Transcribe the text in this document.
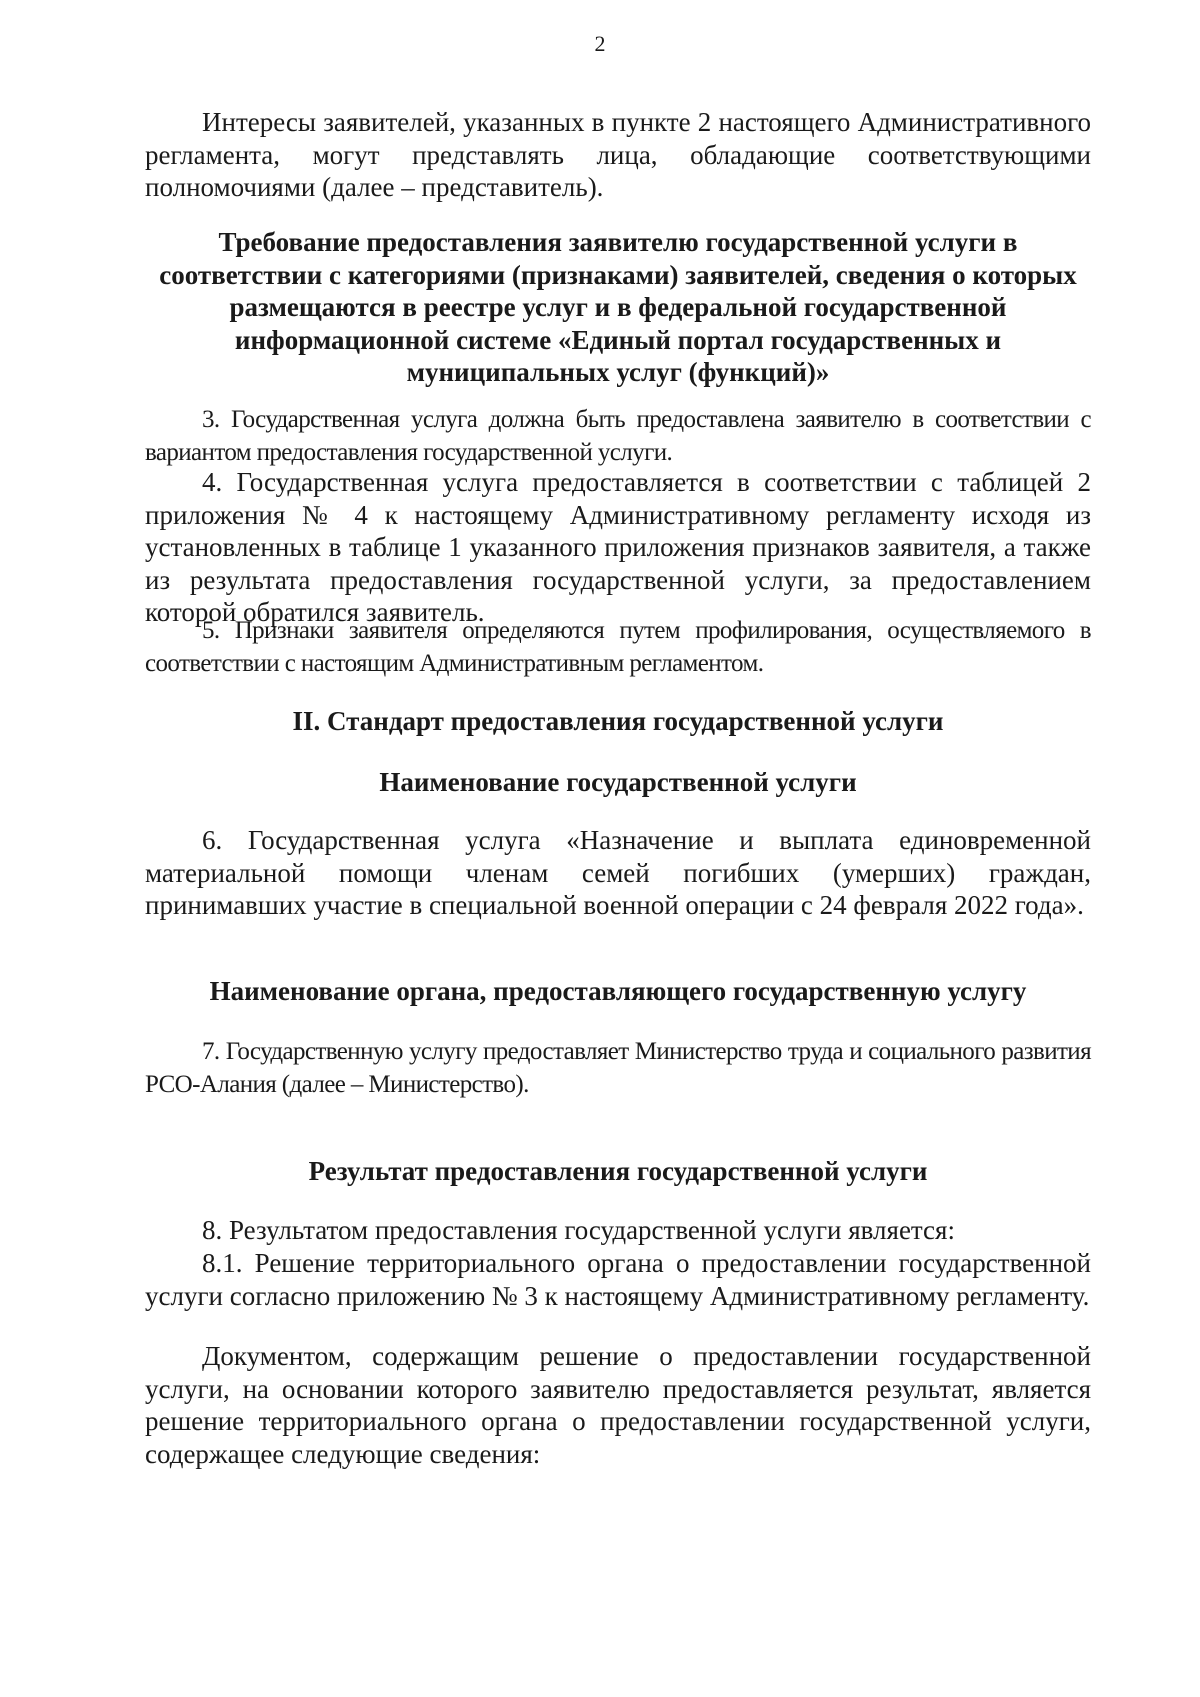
2

Интересы заявителей, указанных в пункте 2 настоящего Административного регламента, могут представлять лица, обладающие соответствующими полномочиями (далее – представитель).

Требование предоставления заявителю государственной услуги в соответствии с категориями (признаками) заявителей, сведения о которых размещаются в реестре услуг и в федеральной государственной информационной системе «Единый портал государственных и муниципальных услуг (функций)»

3. Государственная услуга должна быть предоставлена заявителю в соответствии с вариантом предоставления государственной услуги.

4. Государственная услуга предоставляется в соответствии с таблицей 2 приложения № 4 к настоящему Административному регламенту исходя из установленных в таблице 1 указанного приложения признаков заявителя, а также из результата предоставления государственной услуги, за предоставлением которой обратился заявитель.

5. Признаки заявителя определяются путем профилирования, осуществляемого в соответствии с настоящим Административным регламентом.

II. Стандарт предоставления государственной услуги

Наименование государственной услуги

6. Государственная услуга «Назначение и выплата единовременной материальной помощи членам семей погибших (умерших) граждан, принимавших участие в специальной военной операции с 24 февраля 2022 года».

Наименование органа, предоставляющего государственную услугу

7. Государственную услугу предоставляет Министерство труда и социального развития РСО-Алания (далее – Министерство).

Результат предоставления государственной услуги

8. Результатом предоставления государственной услуги является:

8.1. Решение территориального органа о предоставлении государственной услуги согласно приложению № 3 к настоящему Административному регламенту.

Документом, содержащим решение о предоставлении государственной услуги, на основании которого заявителю предоставляется результат, является решение территориального органа о предоставлении государственной услуги, содержащее следующие сведения:
